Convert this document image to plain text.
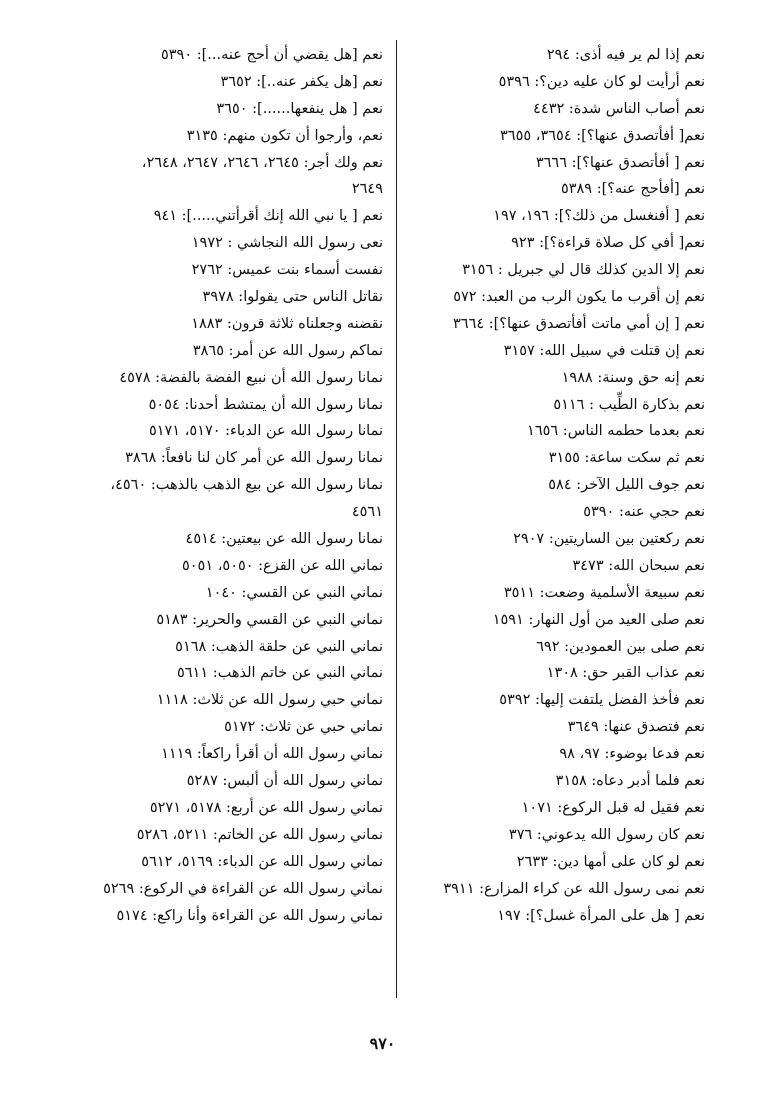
نعم إذا لم ير فيه أذى: ٢٩٤
نعم أرأيت لو كان عليه دين؟: ٥٣٩٦
نعم أصاب الناس شدة: ٤٤٣٢
نعم[ أفأتصدق عنها؟]: ٣٦٥٤، ٣٦٥٥
نعم [ أفأتصدق عنها؟]: ٣٦٦٦
نعم [أفأحج عنه؟]: ٥٣٨٩
نعم [ أفنغسل من ذلك؟]: ١٩٦، ١٩٧
نعم[ أفي كل صلاة قراءة؟]: ٩٢٣
نعم إلا الدين كذلك قال لي جبريل : ٣١٥٦
نعم إن أقرب ما يكون الرب من العبد: ٥٧٢
نعم [ إن أمي ماتت أفأتصدق عنها؟]: ٣٦٦٤
نعم إن قتلت في سبيل الله: ٣١٥٧
نعم إنه حق وسنة: ١٩٨٨
نعم بذكارة الطِّيب : ٥١١٦
نعم بعدما حطمه الناس: ١٦٥٦
نعم ثم سكت ساعة: ٣١٥٥
نعم جوف الليل الآخر: ٥٨٤
نعم حجي عنه: ٥٣٩٠
نعم ركعتين بين الساريتين: ٢٩٠٧
نعم سبحان الله: ٣٤٧٣
نعم سبيعة الأسلمية وضعت: ٣٥١١
نعم صلى العيد من أول النهار: ١٥٩١
نعم صلى بين العمودين: ٦٩٢
نعم عذاب القبر حق: ١٣٠٨
نعم فأخذ الفضل يلتفت إليها: ٥٣٩٢
نعم فتصدق عنها: ٣٦٤٩
نعم فدعا بوضوء: ٩٧، ٩٨
نعم فلما أدبر دعاه: ٣١٥٨
نعم فقيل له قبل الركوع: ١٠٧١
نعم كان رسول الله يدعوني: ٣٧٦
نعم لو كان على أمها دين: ٢٦٣٣
نعم نمى رسول الله عن كراء المزارع: ٣٩١١
نعم [ هل على المرأة غسل؟]: ١٩٧
نعم [هل يقضي أن أحج عنه...]: ٥٣٩٠
نعم [هل يكفر عنه..]: ٣٦٥٢
نعم [ هل ينفعها......]: ٣٦٥٠
نعم، وأرجوا أن تكون منهم: ٣١٣٥
نعم ولك أجر: ٢٦٤٥، ٢٦٤٦، ٢٦٤٧، ٢٦٤٨،
٢٦٤٩
نعم [ يا نبي الله إنك أقرأتني.....]: ٩٤١
نعى رسول الله النجاشي : ١٩٧٢
نفست أسماء بنت عميس: ٢٧٦٢
نقاتل الناس حتى يقولوا: ٣٩٧٨
نقضنه وجعلناه ثلاثة قرون: ١٨٨٣
نماكم رسول الله عن أمر: ٣٨٦٥
نمانا رسول الله أن نبيع الفضة بالفضة: ٤٥٧٨
نمانا رسول الله أن يمتشط أحدنا: ٥٠٥٤
نمانا رسول الله عن الدباء: ٥١٧٠، ٥١٧١
نمانا رسول الله عن أمر كان لنا نافعاً: ٣٨٦٨
نمانا رسول الله عن بيع الذهب بالذهب: ٤٥٦٠،
٤٥٦١
نمانا رسول الله عن بيعتين: ٤٥١٤
نماني الله عن القزع: ٥٠٥٠، ٥٠٥١
نماني النبي عن القسي: ١٠٤٠
نماني النبي عن القسي والحرير: ٥١٨٣
نماني النبي عن حلقة الذهب: ٥١٦٨
نماني النبي عن خاتم الذهب: ٥٦١١
نماني حبي رسول الله عن ثلاث: ١١١٨
نماني حبي عن ثلاث: ٥١٧٢
نماني رسول الله أن أقرأ راكعاً: ١١١٩
نماني رسول الله أن ألبس: ٥٢٨٧
نماني رسول الله عن أربع: ٥١٧٨، ٥٢٧١
نماني رسول الله عن الخاتم: ٥٢١١، ٥٢٨٦
نماني رسول الله عن الدباء: ٥١٦٩، ٥٦١٢
نماني رسول الله عن القراءة في الركوع: ٥٢٦٩
نماني رسول الله عن القراءة وأنا راكع: ٥١٧٤
٩٧٠
